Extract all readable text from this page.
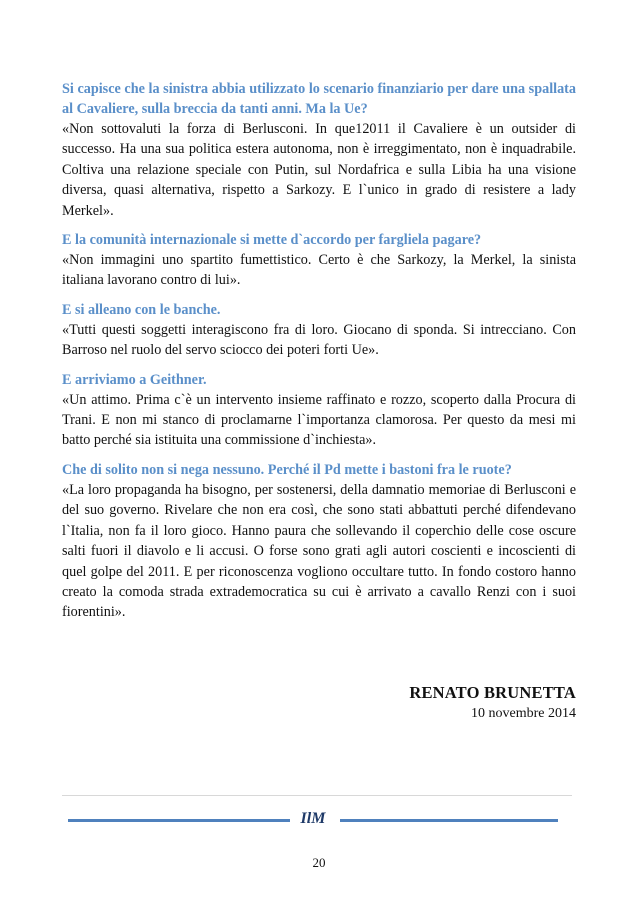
Si capisce che la sinistra abbia utilizzato lo scenario finanziario per dare una spallata al Cavaliere, sulla breccia da tanti anni. Ma la Ue?

«Non sottovaluti la forza di Berlusconi. In que12011 il Cavaliere è un outsider di successo. Ha una sua politica estera autonoma, non è irreggimentato, non è inquadrabile. Coltiva una relazione speciale con Putin, sul Nordafrica e sulla Libia ha una visione diversa, quasi alternativa, rispetto a Sarkozy. E l`unico in grado di resistere a lady Merkel».

E la comunità internazionale si mette d`accordo per fargliela pagare?

«Non immagini uno spartito fumettistico. Certo è che Sarkozy, la Merkel, la sinista italiana lavorano contro di lui».

E si alleano con le banche.

«Tutti questi soggetti interagiscono fra di loro. Giocano di sponda. Si intrecciano. Con Barroso nel ruolo del servo sciocco dei poteri forti Ue».

E arriviamo a Geithner.

«Un attimo. Prima c`è un intervento insieme raffinato e rozzo, scoperto dalla Procura di Trani. E non mi stanco di proclamarne l`importanza clamorosa. Per questo da mesi mi batto perché sia istituita una commissione d`inchiesta».

Che di solito non si nega nessuno. Perché il Pd mette i bastoni fra le ruote?

«La loro propaganda ha bisogno, per sostenersi, della damnatio memoriae di Berlusconi e del suo governo. Rivelare che non era così, che sono stati abbattuti perché difendevano l`Italia, non fa il loro gioco. Hanno paura che sollevando il coperchio delle cose oscure salti fuori il diavolo e li accusi. O forse sono grati agli autori coscienti e incoscienti di quel golpe del 2011. E per riconoscenza vogliono occultare tutto. In fondo costoro hanno creato la comoda strada extrademocratica su cui è arrivato a cavallo Renzi con i suoi fiorentini».

RENATO BRUNETTA
10 novembre 2014
IlM
20
